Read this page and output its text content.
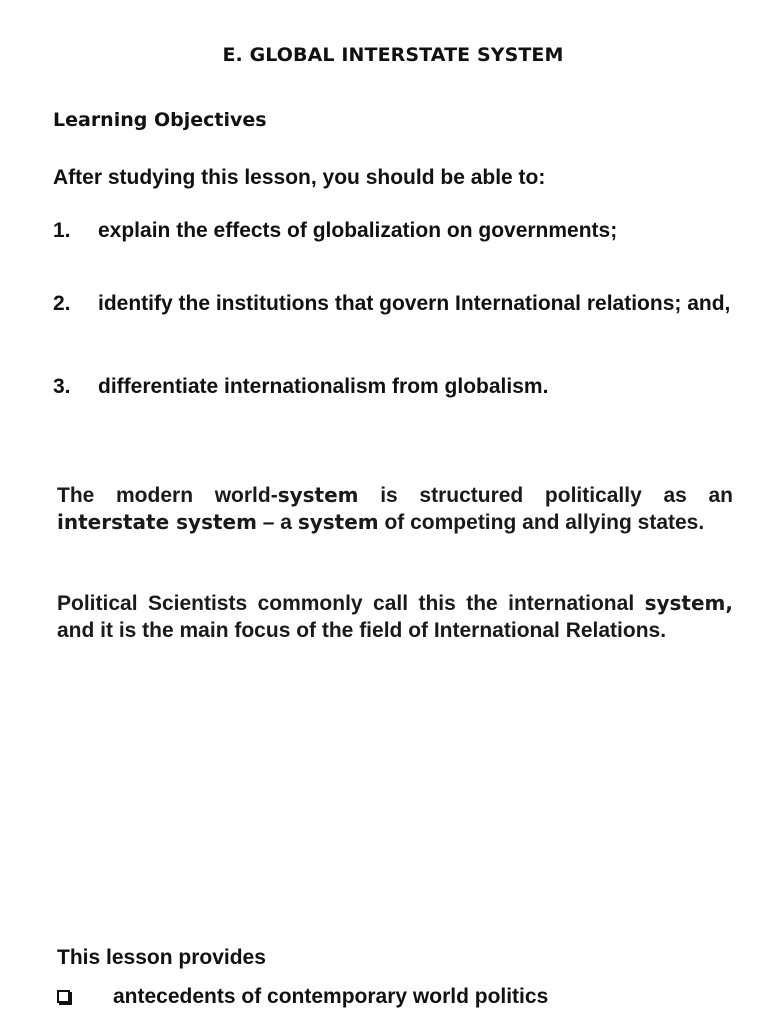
E. GLOBAL INTERSTATE SYSTEM
Learning Objectives
After studying this lesson, you should be able to:
1. explain the effects of globalization on governments;
2. identify the institutions that govern International relations; and,
3. differentiate internationalism from globalism.
The modern world-system is structured politically as an interstate system – a system of competing and allying states.
Political Scientists commonly call this the international system, and it is the main focus of the field of International Relations.
This lesson provides
antecedents of contemporary world politics
